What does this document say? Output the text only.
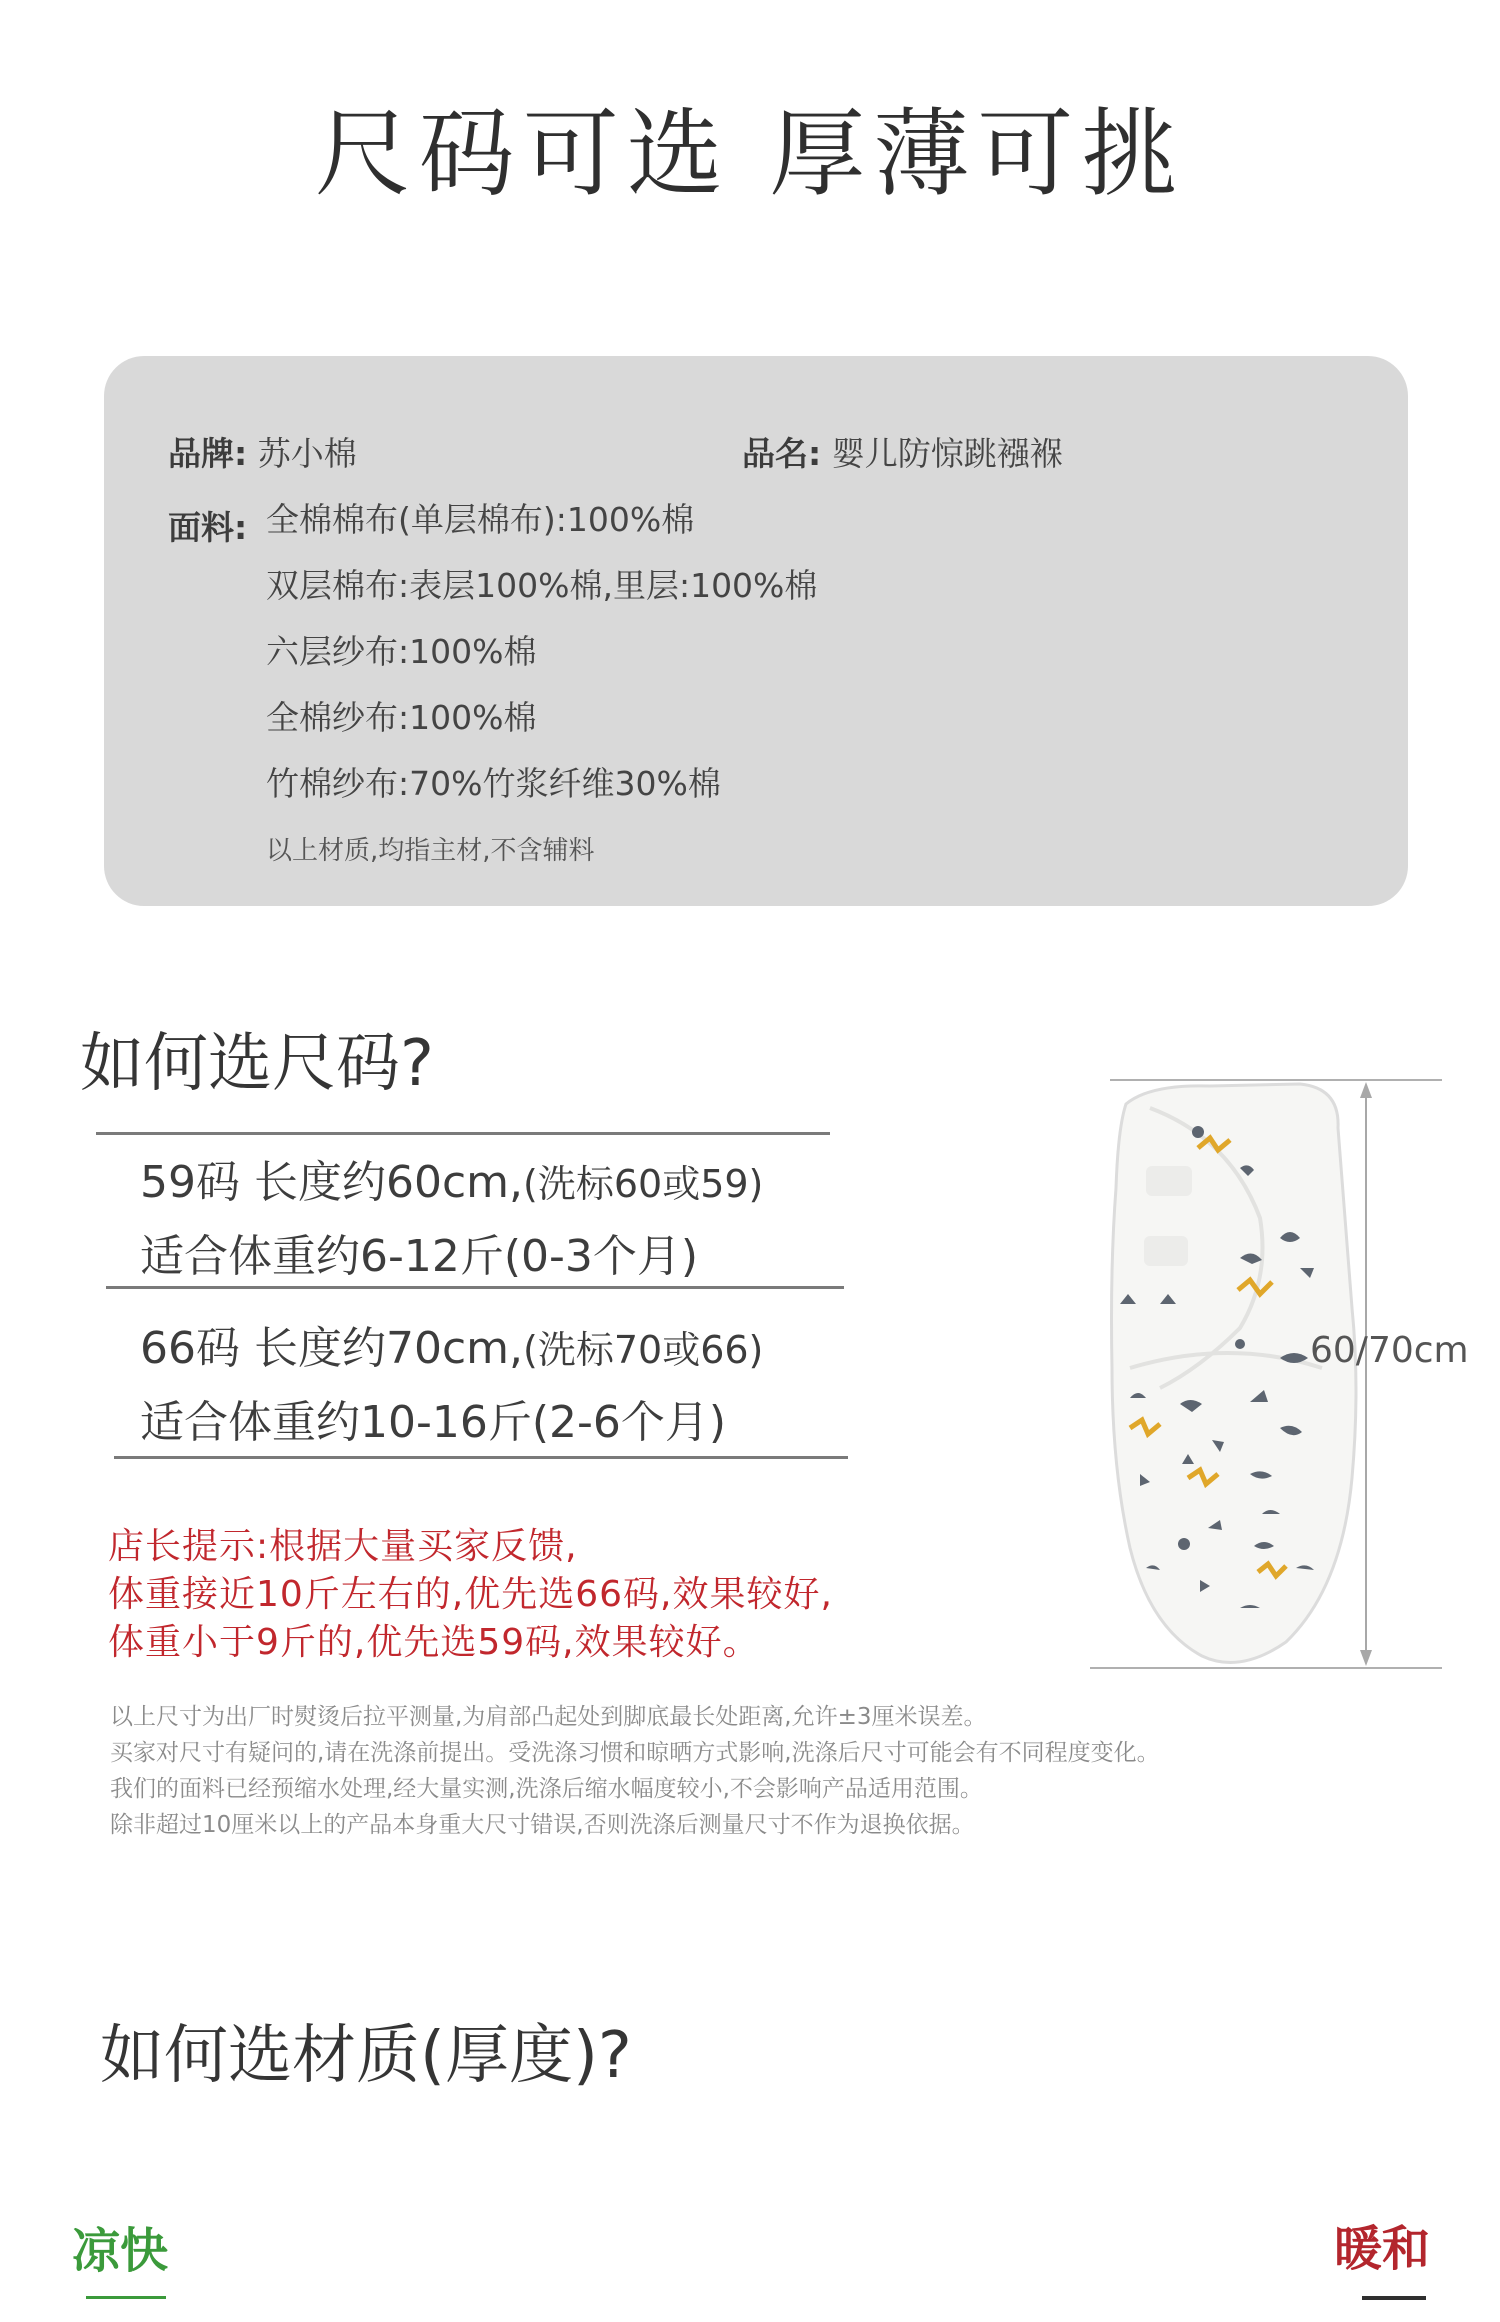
尺码可选 厚薄可挑
品牌: 苏小棉	品名: 婴儿防惊跳襁褓
面料: 全棉棉布(单层棉布):100%棉
双层棉布:表层100%棉,里层:100%棉
六层纱布:100%棉
全棉纱布:100%棉
竹棉纱布:70%竹浆纤维30%棉
以上材质,均指主材,不含辅料
如何选尺码?
59码 长度约60cm,(洗标60或59)
适合体重约6-12斤(0-3个月)
66码 长度约70cm,(洗标70或66)
适合体重约10-16斤(2-6个月)
60/70cm
店长提示:根据大量买家反馈,
体重接近10斤左右的,优先选66码,效果较好,
体重小于9斤的,优先选59码,效果较好。
以上尺寸为出厂时熨烫后拉平测量,为肩部凸起处到脚底最长处距离,允许±3厘米误差。
买家对尺寸有疑问的,请在洗涤前提出。受洗涤习惯和晾晒方式影响,洗涤后尺寸可能会有不同程度变化。
我们的面料已经预缩水处理,经大量实测,洗涤后缩水幅度较小,不会影响产品适用范围。
除非超过10厘米以上的产品本身重大尺寸错误,否则洗涤后测量尺寸不作为退换依据。
如何选材质(厚度)?
凉快	暖和
